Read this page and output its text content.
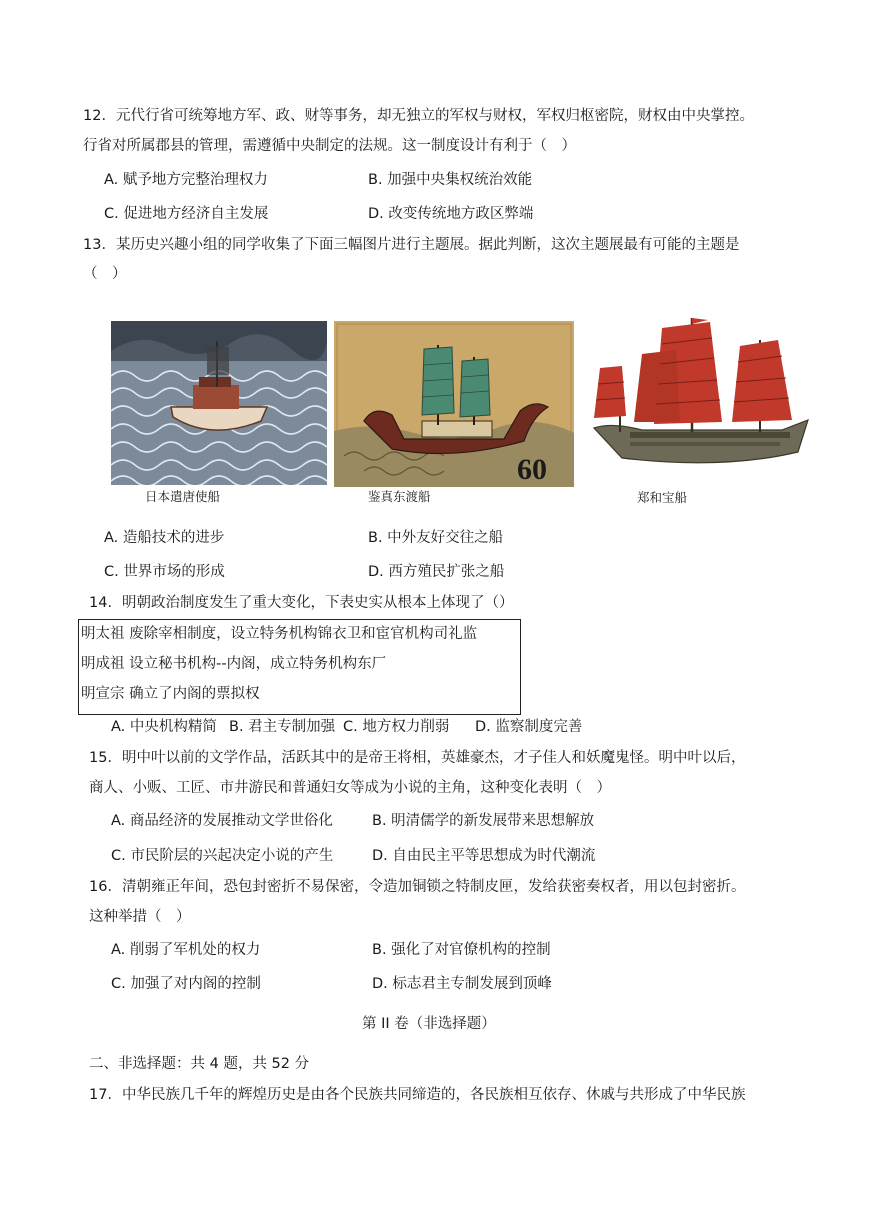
12．元代行省可统筹地方军、政、财等事务，却无独立的军权与财权，军权归枢密院，财权由中央掌控。
行省对所属郡县的管理，需遵循中央制定的法规。这一制度设计有利于（　）
A. 赋予地方完整治理权力	B. 加强中央集权统治效能
C. 促进地方经济自主发展	D. 改变传统地方政区弊端
13．某历史兴趣小组的同学收集了下面三幅图片进行主题展。据此判断，这次主题展最有可能的主题是
（　）
日本遣唐使船
60
鉴真东渡船	郑和宝船
A. 造船技术的进步	B. 中外友好交往之船
C. 世界市场的形成	D. 西方殖民扩张之船
14．明朝政治制度发生了重大变化，下表史实从根本上体现了（）
明太祖 废除宰相制度，设立特务机构锦衣卫和宦官机构司礼监
明成祖 设立秘书机构--内阁，成立特务机构东厂
明宣宗 确立了内阁的票拟权
A. 中央机构精简 B. 君主专制加强 C. 地方权力削弱 D. 监察制度完善
15．明中叶以前的文学作品，活跃其中的是帝王将相，英雄豪杰，才子佳人和妖魔鬼怪。明中叶以后，
商人、小贩、工匠、市井游民和普通妇女等成为小说的主角，这种变化表明（　）
A. 商品经济的发展推动文学世俗化	B. 明清儒学的新发展带来思想解放
C. 市民阶层的兴起决定小说的产生	D. 自由民主平等思想成为时代潮流
16．清朝雍正年间，恐包封密折不易保密，令造加铜锁之特制皮匣，发给获密奏权者，用以包封密折。
这种举措（　）
A. 削弱了军机处的权力	B. 强化了对官僚机构的控制
C. 加强了对内阁的控制	D. 标志君主专制发展到顶峰
第 II 卷（非选择题）
二、非选择题：共 4 题，共 52 分
17．中华民族几千年的辉煌历史是由各个民族共同缔造的，各民族相互依存、休戚与共形成了中华民族
